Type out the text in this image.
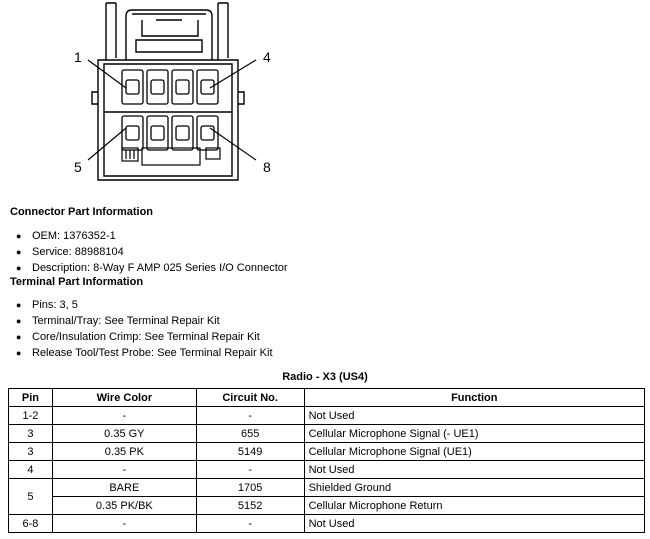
1	4
5	8

Connector Part Information

● OEM: 1376352-1
● Service: 88988104
● Description: 8-Way F AMP 025 Series I/O Connector

Terminal Part Information

● Pins: 3, 5
● Terminal/Tray: See Terminal Repair Kit
● Core/Insulation Crimp: See Terminal Repair Kit
● Release Tool/Test Probe: See Terminal Repair Kit
Radio - X3 (US4)
Pin	Wire Color	Circuit No.	Function
1-2	-	-	Not Used
3	0.35 GY	655	Cellular Microphone Signal (- UE1)
3	0.35 PK	5149	Cellular Microphone Signal (UE1)
4	-	-	Not Used
5	BARE	1705	Shielded Ground
	0.35 PK/BK	5152	Cellular Microphone Return
6-8	-	-	Not Used
